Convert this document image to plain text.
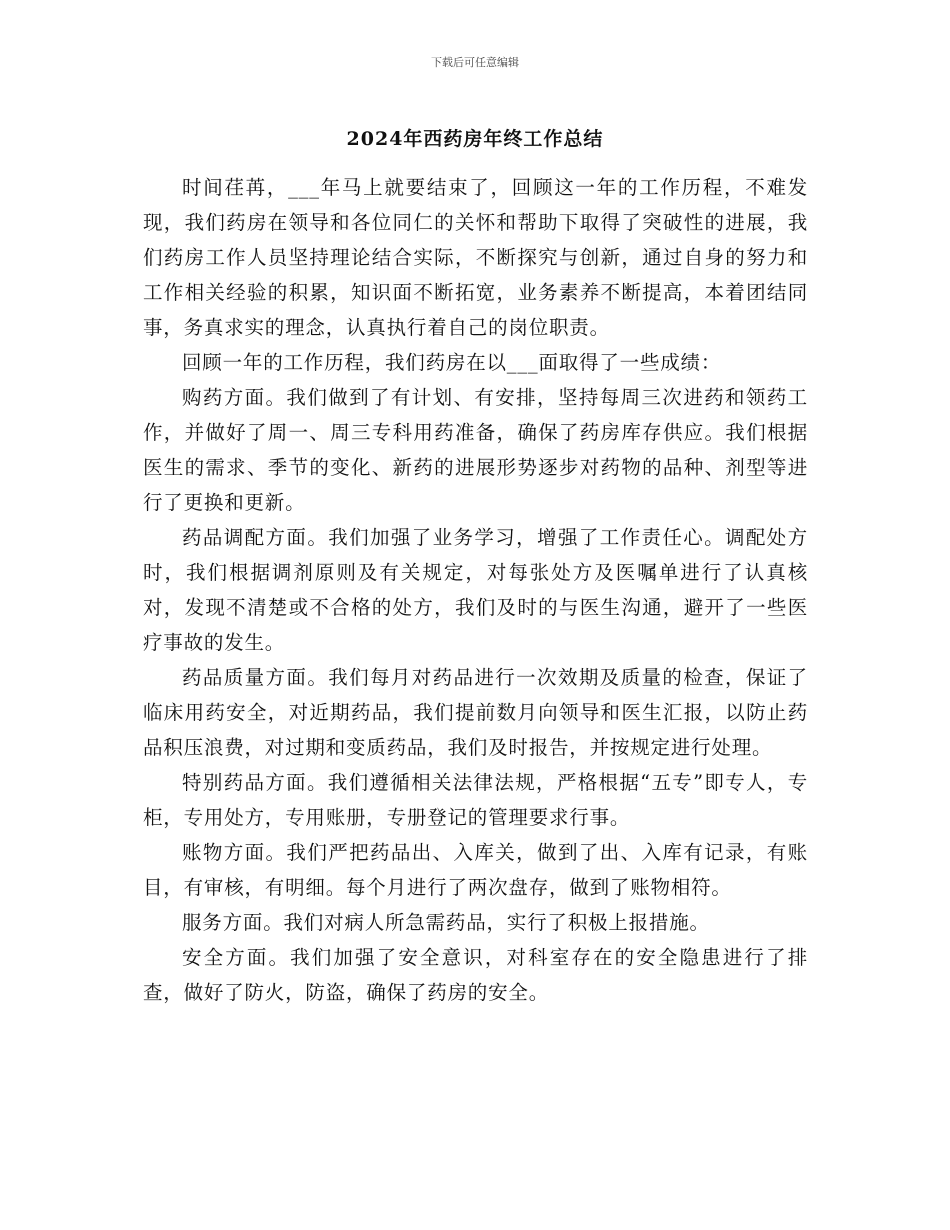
下载后可任意编辑
2024年西药房年终工作总结

时间荏苒，___年马上就要结束了，回顾这一年的工作历程，不难发现，我们药房在领导和各位同仁的关怀和帮助下取得了突破性的进展，我们药房工作人员坚持理论结合实际，不断探究与创新，通过自身的努力和工作相关经验的积累，知识面不断拓宽，业务素养不断提高，本着团结同事，务真求实的理念，认真执行着自己的岗位职责。

回顾一年的工作历程，我们药房在以___面取得了一些成绩：

购药方面。我们做到了有计划、有安排，坚持每周三次进药和领药工作，并做好了周一、周三专科用药准备，确保了药房库存供应。我们根据医生的需求、季节的变化、新药的进展形势逐步对药物的品种、剂型等进行了更换和更新。

药品调配方面。我们加强了业务学习，增强了工作责任心。调配处方时，我们根据调剂原则及有关规定，对每张处方及医嘱单进行了认真核对，发现不清楚或不合格的处方，我们及时的与医生沟通，避开了一些医疗事故的发生。

药品质量方面。我们每月对药品进行一次效期及质量的检查，保证了临床用药安全，对近期药品，我们提前数月向领导和医生汇报，以防止药品积压浪费，对过期和变质药品，我们及时报告，并按规定进行处理。

特别药品方面。我们遵循相关法律法规，严格根据“五专”即专人，专柜，专用处方，专用账册，专册登记的管理要求行事。

账物方面。我们严把药品出、入库关，做到了出、入库有记录，有账目，有审核，有明细。每个月进行了两次盘存，做到了账物相符。

服务方面。我们对病人所急需药品，实行了积极上报措施。

安全方面。我们加强了安全意识，对科室存在的安全隐患进行了排查，做好了防火，防盗，确保了药房的安全。
